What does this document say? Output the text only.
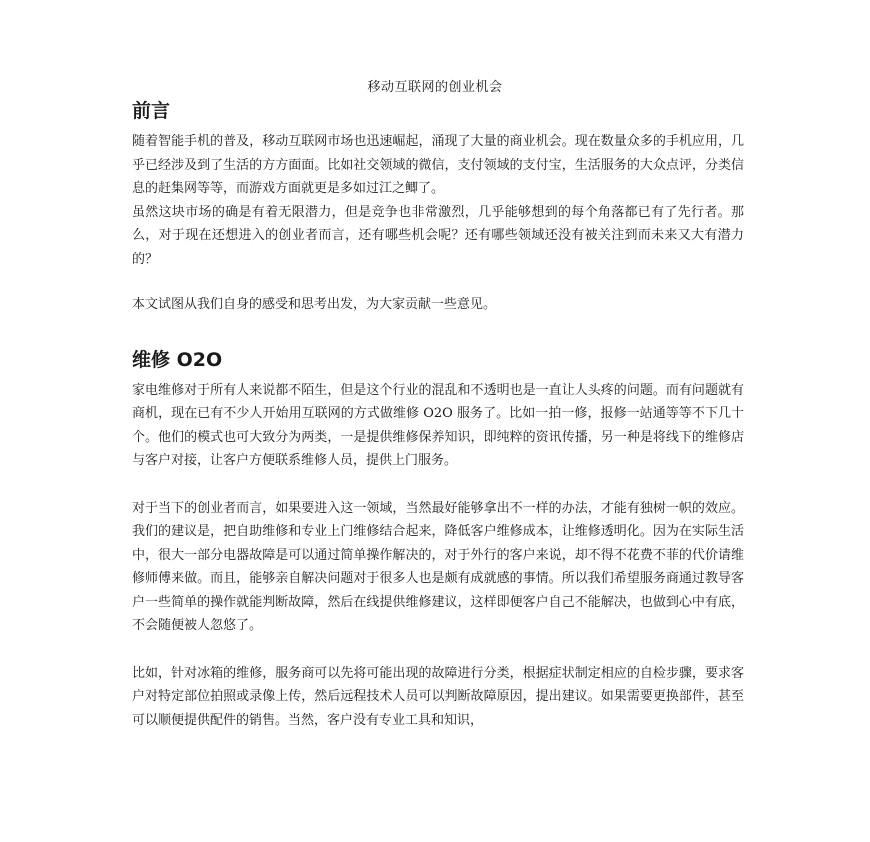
移动互联网的创业机会
前言

随着智能手机的普及，移动互联网市场也迅速崛起，涌现了大量的商业机会。现在数量众多的手机应用，几乎已经涉及到了生活的方方面面。比如社交领域的微信，支付领域的支付宝，生活服务的大众点评，分类信息的赶集网等等，而游戏方面就更是多如过江之鲫了。

虽然这块市场的确是有着无限潜力，但是竞争也非常激烈，几乎能够想到的每个角落都已有了先行者。那么，对于现在还想进入的创业者而言，还有哪些机会呢？还有哪些领域还没有被关注到而未来又大有潜力的？

本文试图从我们自身的感受和思考出发，为大家贡献一些意见。

维修 O2O

家电维修对于所有人来说都不陌生，但是这个行业的混乱和不透明也是一直让人头疼的问题。而有问题就有商机，现在已有不少人开始用互联网的方式做维修 O2O 服务了。比如一拍一修，报修一站通等等不下几十个。他们的模式也可大致分为两类，一是提供维修保养知识，即纯粹的资讯传播，另一种是将线下的维修店与客户对接，让客户方便联系维修人员，提供上门服务。

对于当下的创业者而言，如果要进入这一领域，当然最好能够拿出不一样的办法，才能有独树一帜的效应。我们的建议是，把自助维修和专业上门维修结合起来，降低客户维修成本，让维修透明化。因为在实际生活中，很大一部分电器故障是可以通过简单操作解决的，对于外行的客户来说，却不得不花费不菲的代价请维修师傅来做。而且，能够亲自解决问题对于很多人也是颇有成就感的事情。所以我们希望服务商通过教导客户一些简单的操作就能判断故障，然后在线提供维修建议，这样即便客户自己不能解决，也做到心中有底，不会随便被人忽悠了。

比如，针对冰箱的维修，服务商可以先将可能出现的故障进行分类，根据症状制定相应的自检步骤，要求客户对特定部位拍照或录像上传，然后远程技术人员可以判断故障原因，提出建议。如果需要更换部件，甚至可以顺便提供配件的销售。当然，客户没有专业工具和知识，
